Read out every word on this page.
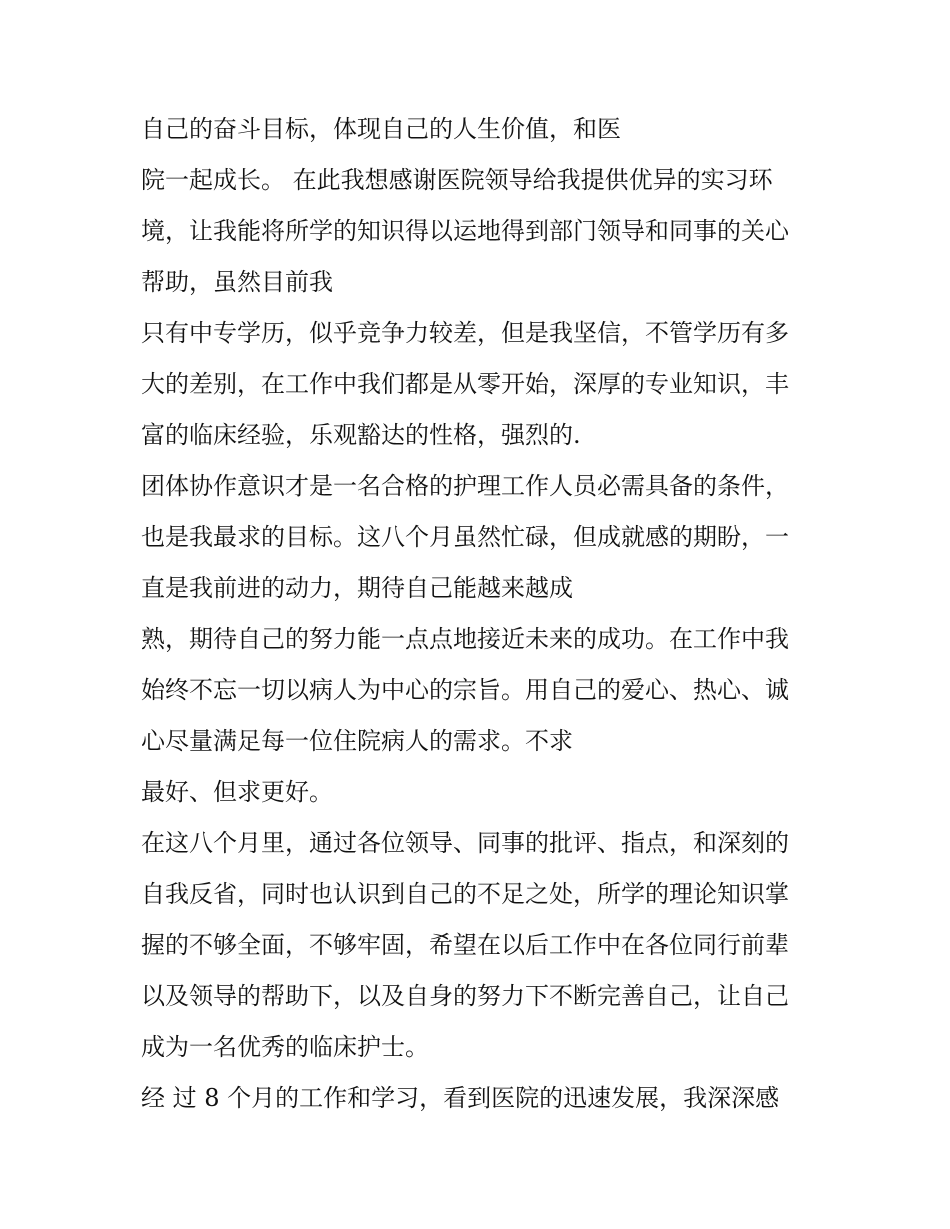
自己的奋斗目标，体现自己的人生价值，和医
院一起成长。 在此我想感谢医院领导给我提供优异的实习环
境，让我能将所学的知识得以运地得到部门领导和同事的关心
帮助，虽然目前我
只有中专学历，似乎竞争力较差，但是我坚信，不管学历有多
大的差别，在工作中我们都是从零开始，深厚的专业知识，丰
富的临床经验，乐观豁达的性格，强烈的.
团体协作意识才是一名合格的护理工作人员必需具备的条件，
也是我最求的目标。这八个月虽然忙碌，但成就感的期盼，一
直是我前进的动力，期待自己能越来越成
熟，期待自己的努力能一点点地接近未来的成功。在工作中我
始终不忘一切以病人为中心的宗旨。用自己的爱心、热心、诚
心尽量满足每一位住院病人的需求。不求
最好、但求更好。
在这八个月里，通过各位领导、同事的批评、指点，和深刻的
自我反省，同时也认识到自己的不足之处，所学的理论知识掌
握的不够全面，不够牢固，希望在以后工作中在各位同行前辈
以及领导的帮助下，以及自身的努力下不断完善自己，让自己
成为一名优秀的临床护士。
经 过 8 个月的工作和学习，看到医院的迅速发展，我深深感
